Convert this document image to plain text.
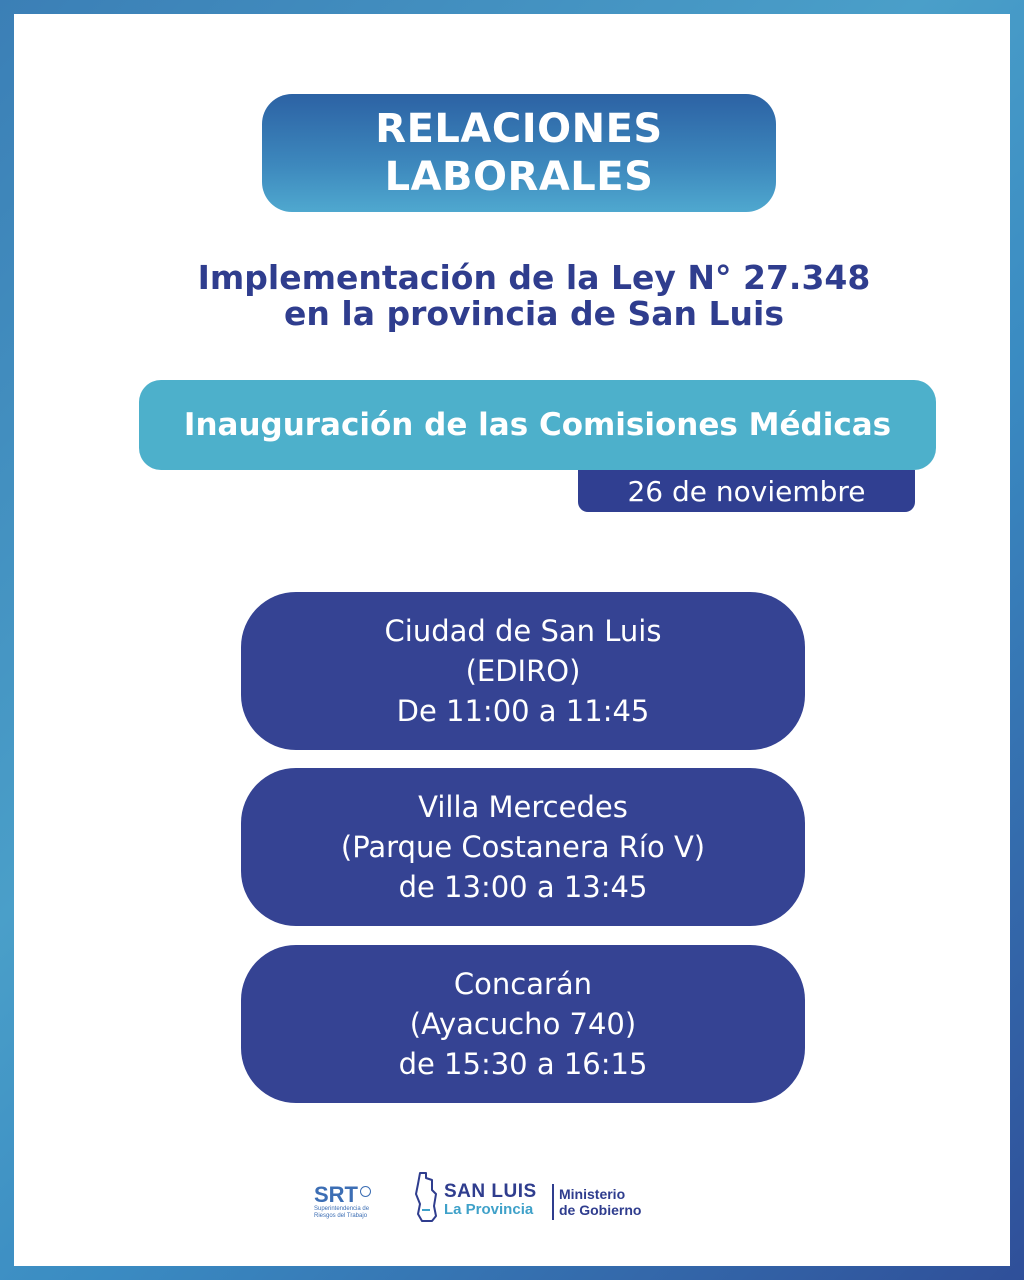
RELACIONES
LABORALES
Implementación de la Ley N° 27.348
en la provincia de San Luis
Inauguración de las Comisiones Médicas
26 de noviembre
Ciudad de San Luis
(EDIRO)
De 11:00 a 11:45
Villa Mercedes
(Parque Costanera Río V)
de 13:00 a 13:45
Concarán
(Ayacucho 740)
de 15:30 a 16:15
SRT
Superintendencia de Riesgos del Trabajo
SAN LUIS
La Provincia
Ministerio
de Gobierno
